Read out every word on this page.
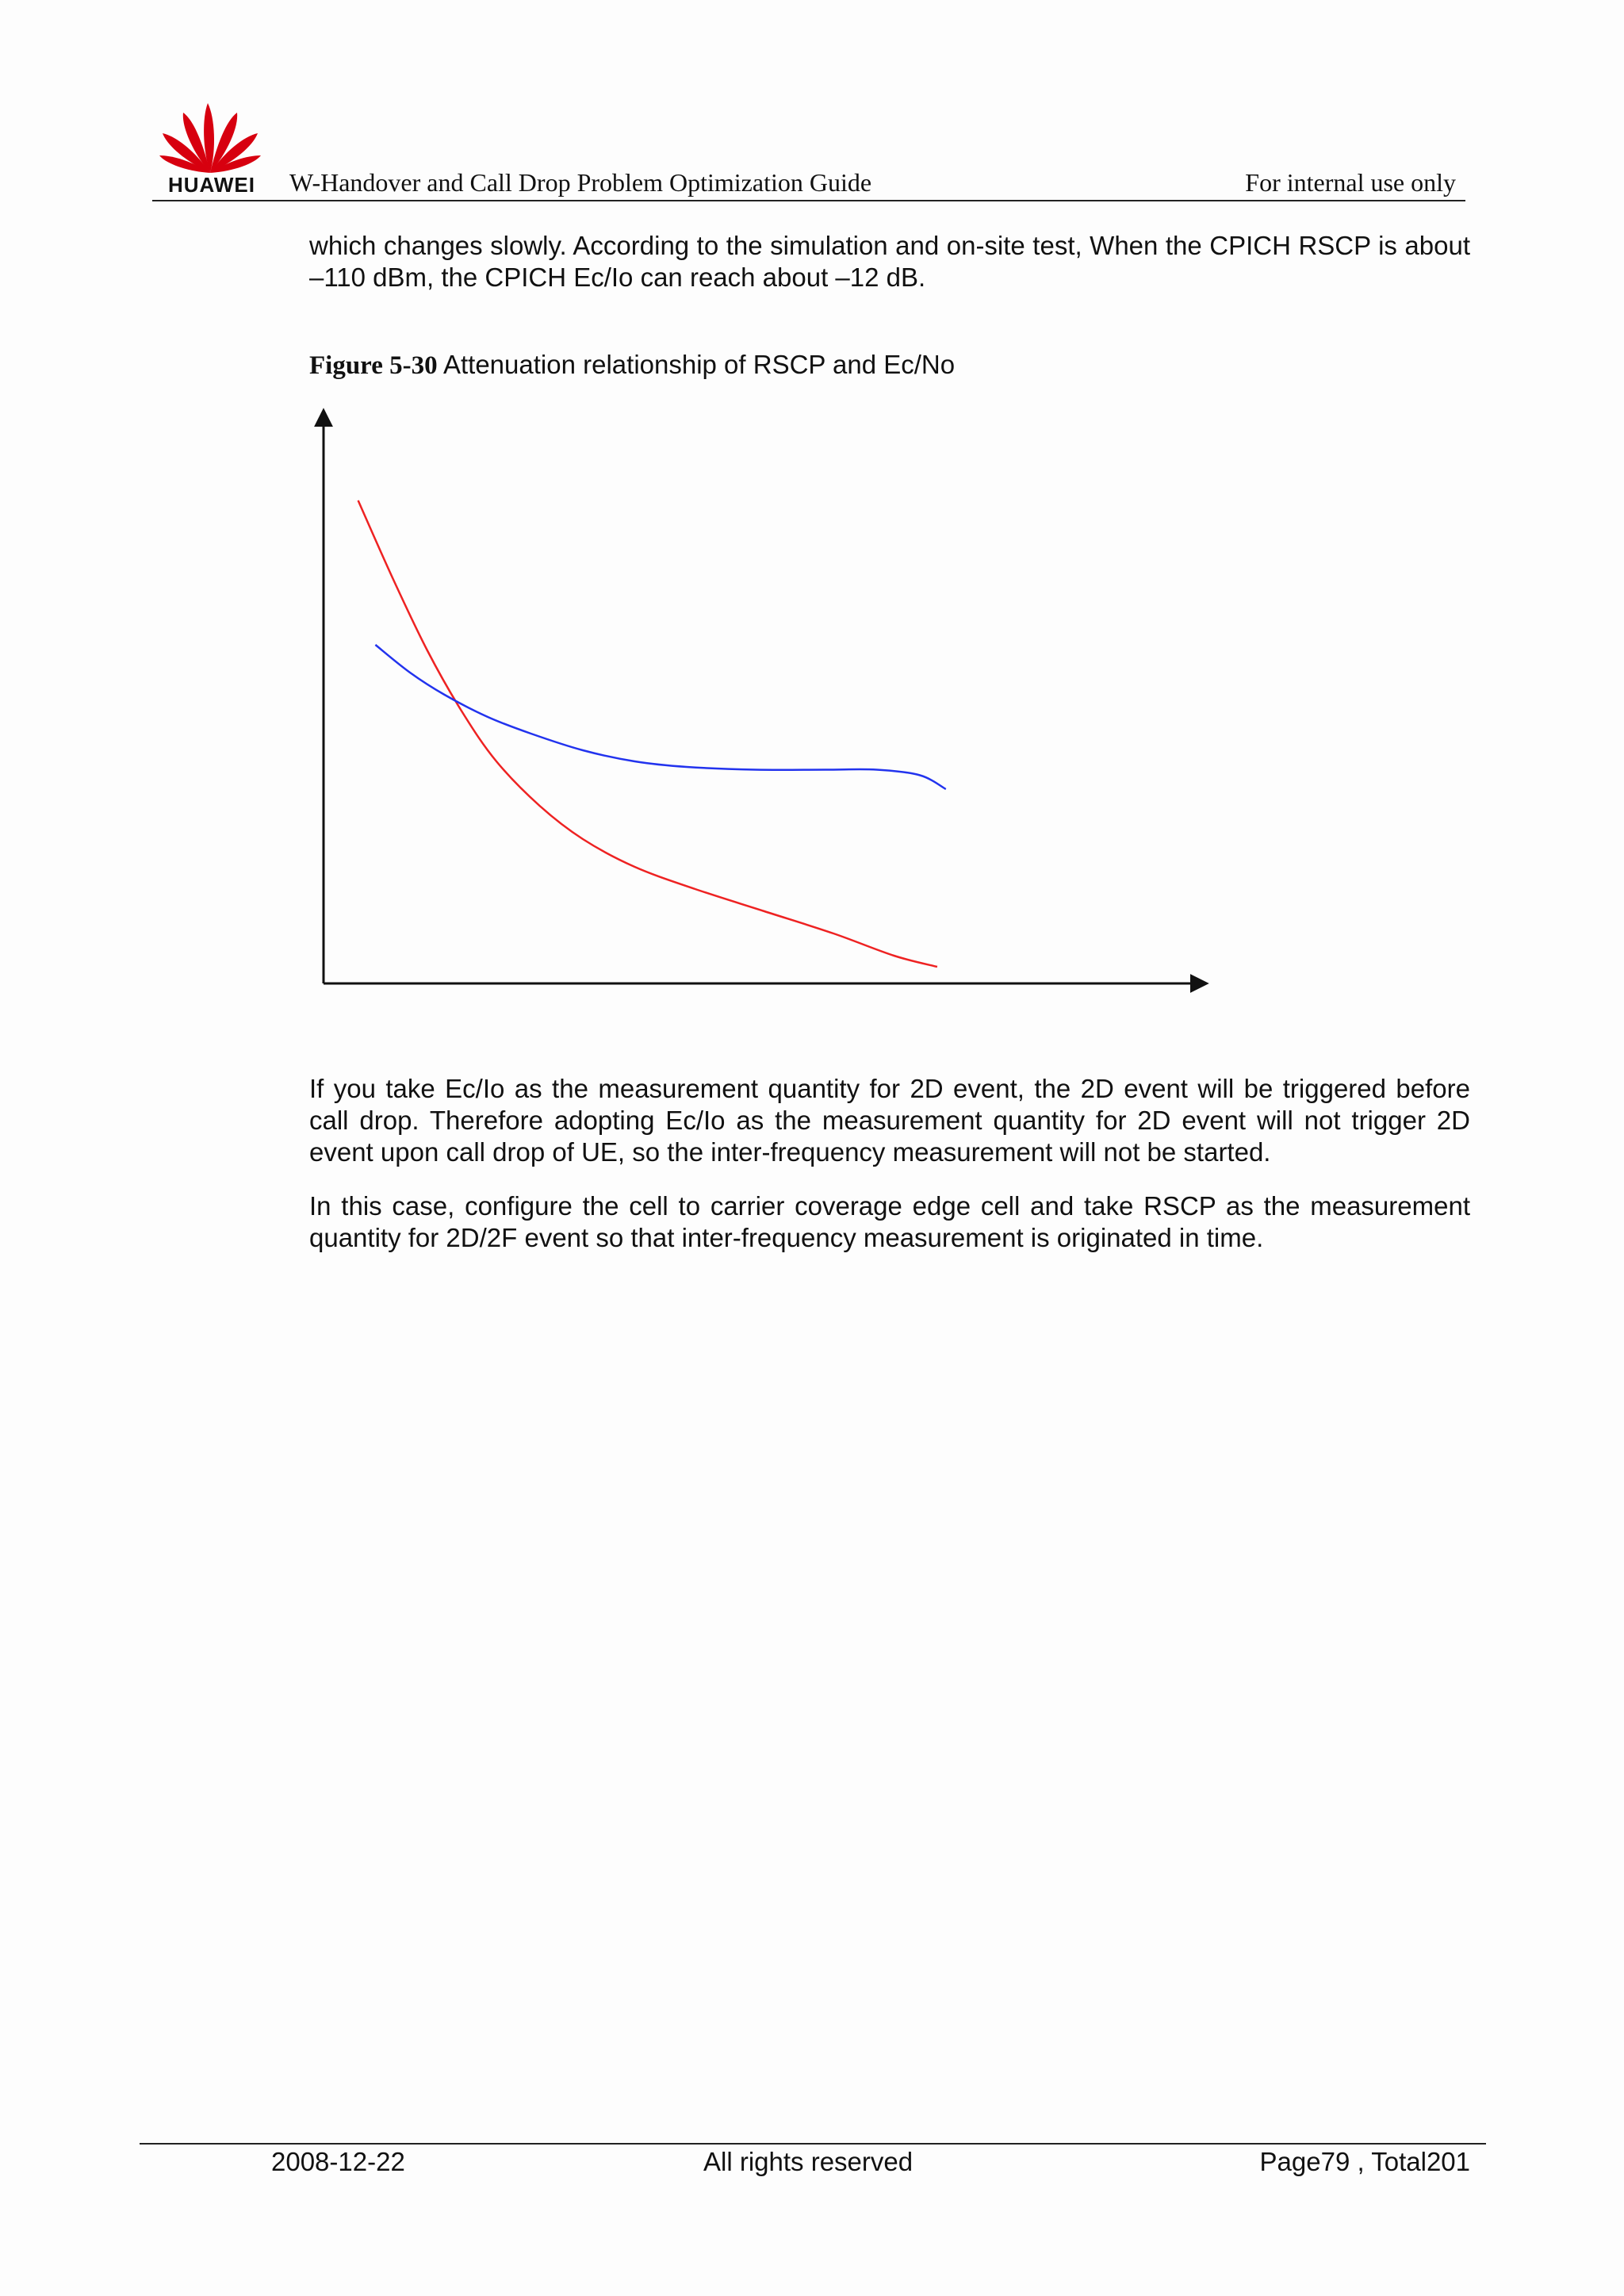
HUAWEI	W-Handover and Call Drop Problem Optimization Guide	For internal use only
which changes slowly. According to the simulation and on-site test, When the CPICH RSCP is about –110 dBm, the CPICH Ec/Io can reach about –12 dB.
Figure 5-30 Attenuation relationship of RSCP and Ec/No
If you take Ec/Io as the measurement quantity for 2D event, the 2D event will be triggered before call drop. Therefore adopting Ec/Io as the measurement quantity for 2D event will not trigger 2D event upon call drop of UE, so the inter-frequency measurement will not be started.
In this case, configure the cell to carrier coverage edge cell and take RSCP as the measurement quantity for 2D/2F event so that inter-frequency measurement is originated in time.
2008-12-22	All rights reserved	Page79 , Total201
